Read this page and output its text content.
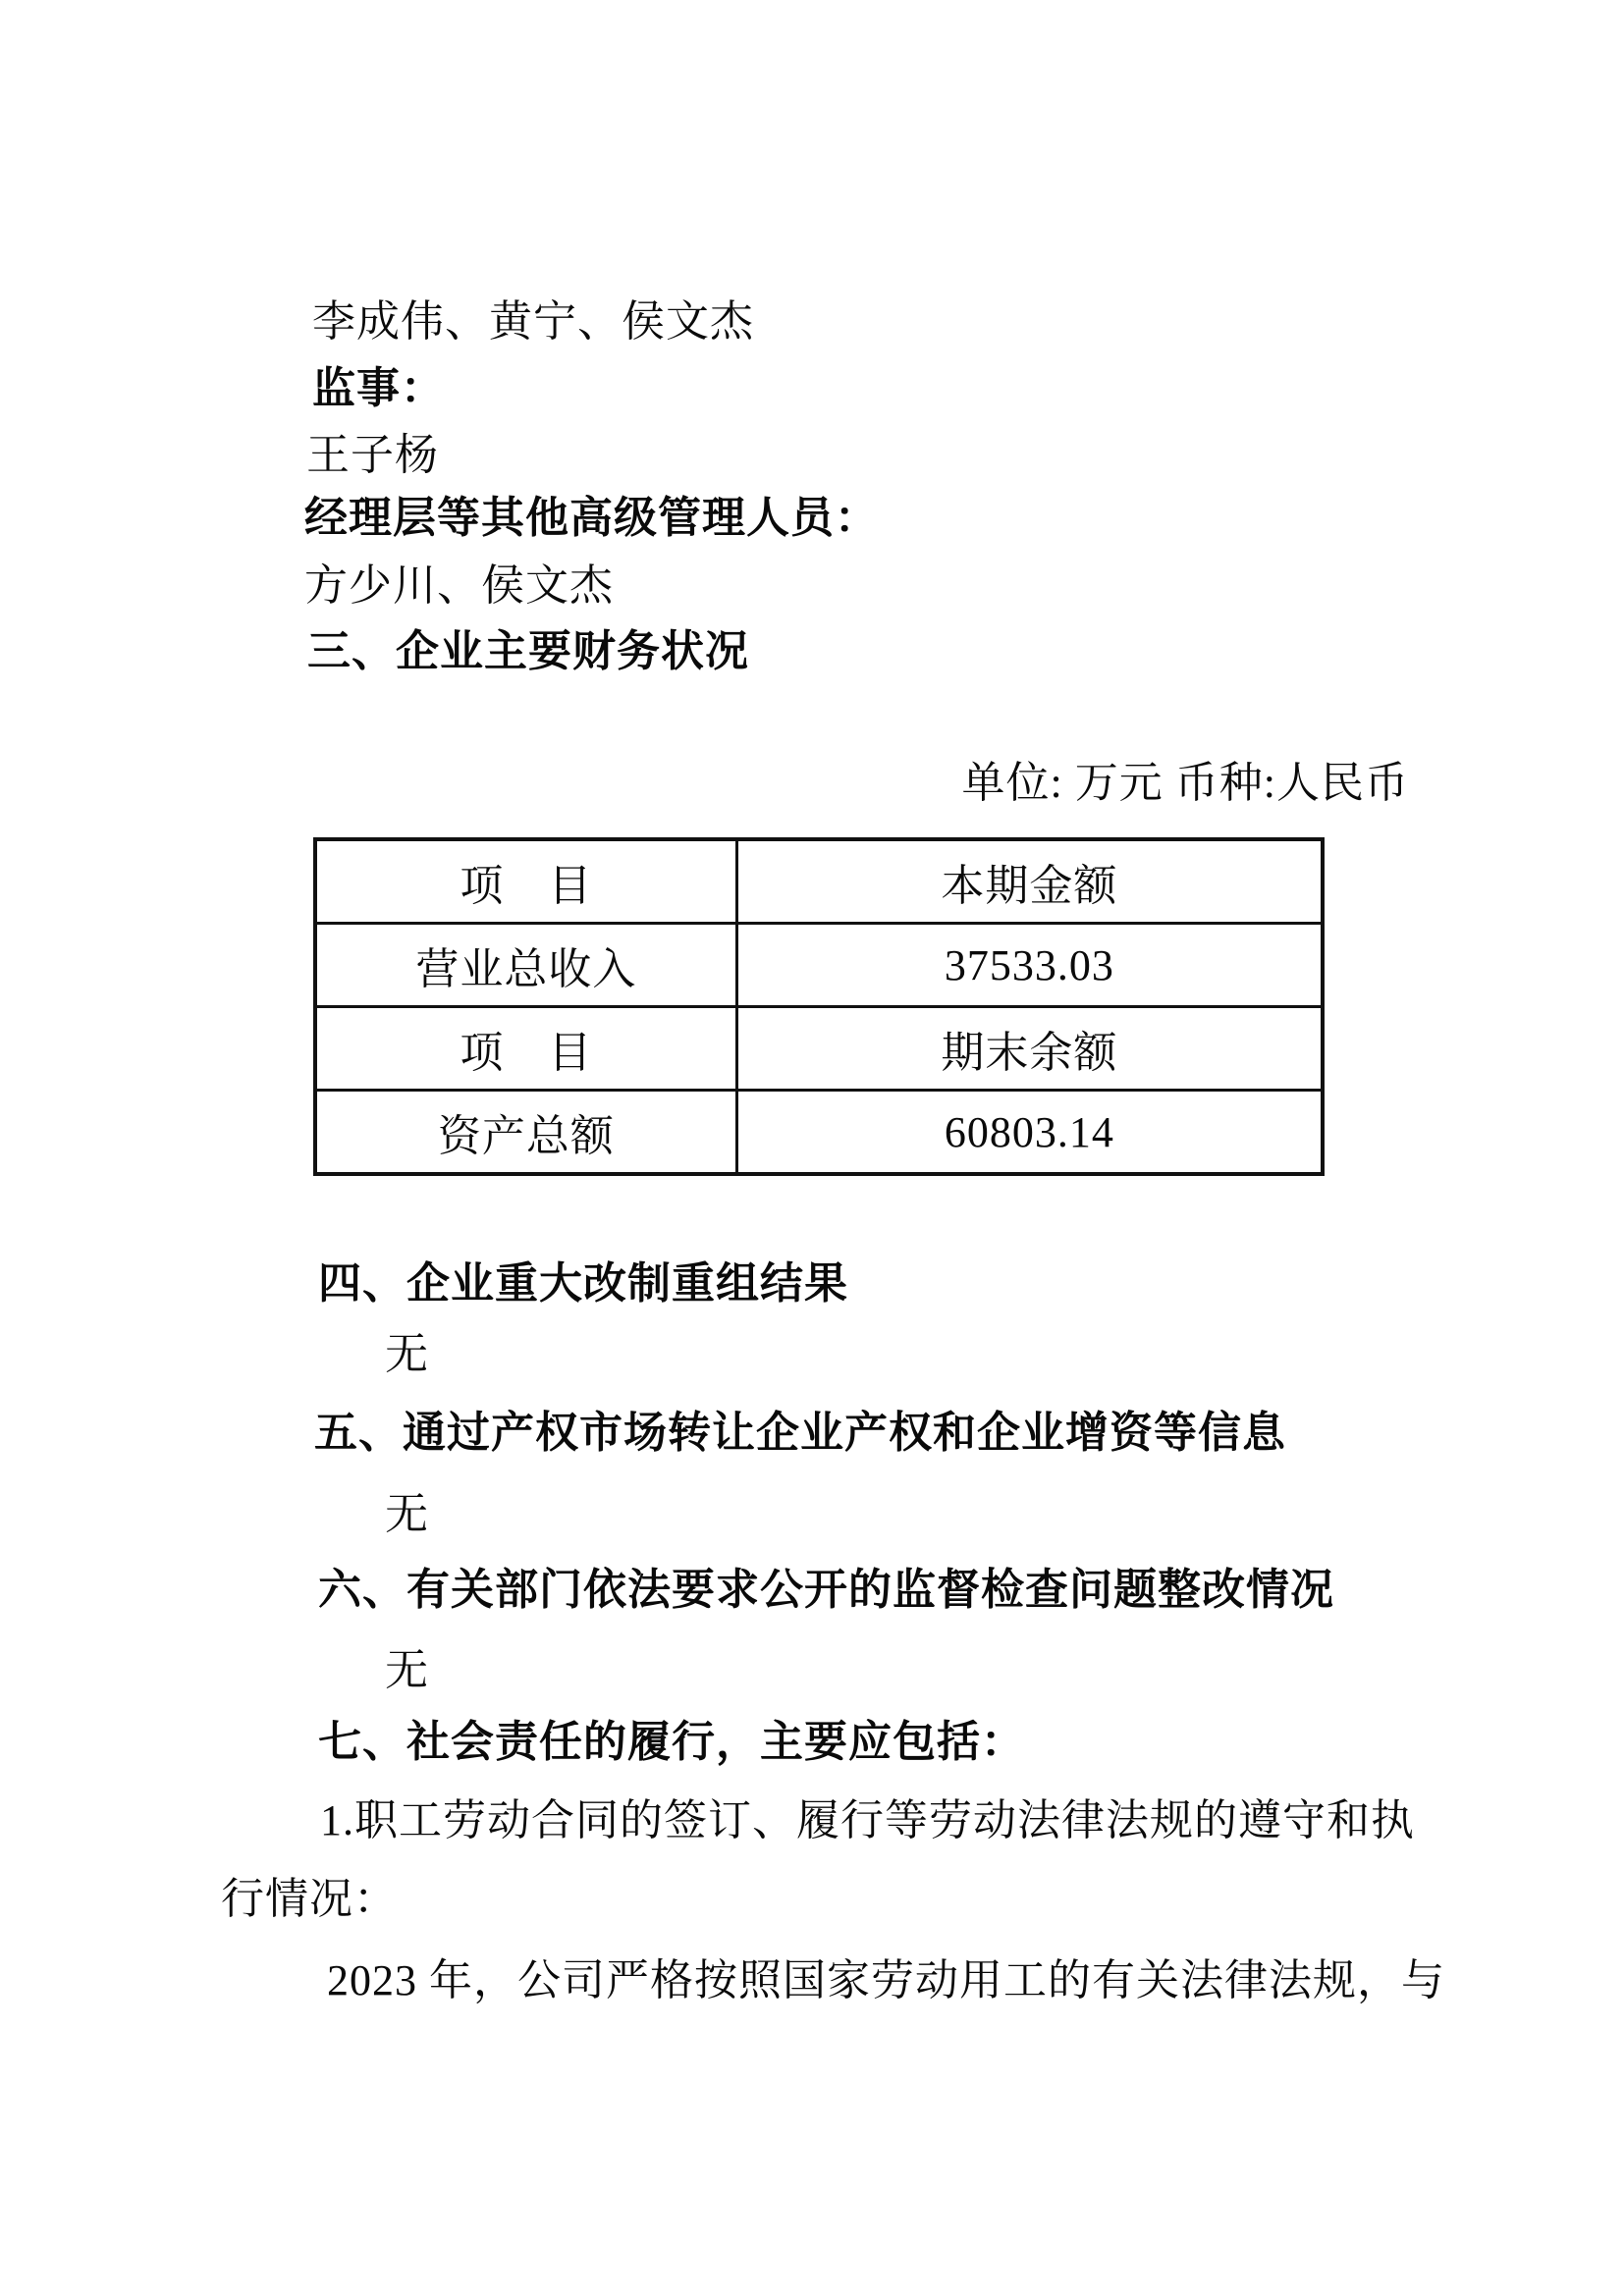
李成伟、黄宁、侯文杰
监事：
王子杨
经理层等其他高级管理人员：
方少川、侯文杰
三、企业主要财务状况
单位: 万元 币种:人民币
项　目	本期金额
营业总收入	37533.03
项　目	期末余额
资产总额	60803.14
四、企业重大改制重组结果
无
五、通过产权市场转让企业产权和企业增资等信息
无
六、有关部门依法要求公开的监督检查问题整改情况
无
七、社会责任的履行，主要应包括：
1.职工劳动合同的签订、履行等劳动法律法规的遵守和执
行情况：
2023 年，公司严格按照国家劳动用工的有关法律法规，与
